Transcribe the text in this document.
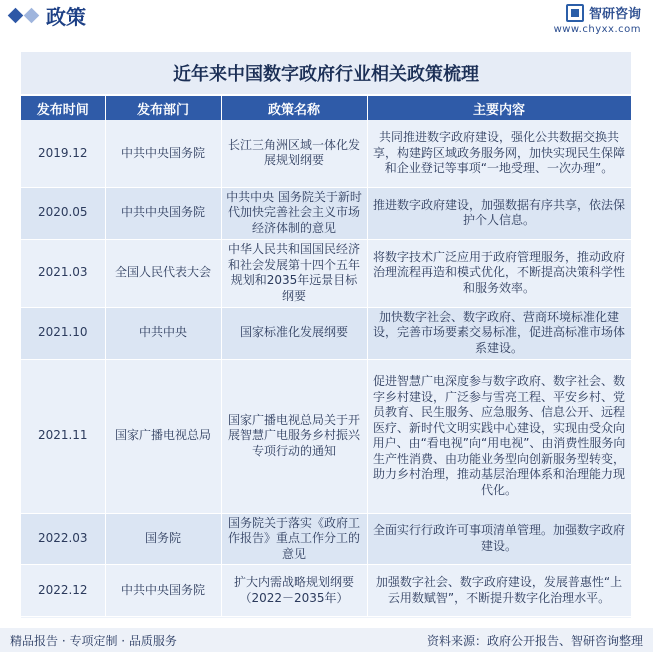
政策	智研咨询
www.chyxx.com
近年来中国数字政府行业相关政策梳理
发布时间	发布部门	政策名称	主要内容
2019.12	中共中央国务院	长江三角洲区域一体化发展规划纲要	共同推进数字政府建设，强化公共数据交换共享，构建跨区域政务服务网，加快实现民生保障和企业登记等事项“一地受理、一次办理”。
2020.05	中共中央国务院	中共中央 国务院关于新时代加快完善社会主义市场经济体制的意见	推进数字政府建设，加强数据有序共享，依法保护个人信息。
2021.03	全国人民代表大会	中华人民共和国国民经济和社会发展第十四个五年规划和2035年远景目标纲要	将数字技术广泛应用于政府管理服务，推动政府治理流程再造和模式优化，不断提高决策科学性和服务效率。
2021.10	中共中央	国家标准化发展纲要	加快数字社会、数字政府、营商环境标准化建设，完善市场要素交易标准，促进高标准市场体系建设。
2021.11	国家广播电视总局	国家广播电视总局关于开展智慧广电服务乡村振兴专项行动的通知	促进智慧广电深度参与数字政府、数字社会、数字乡村建设，广泛参与雪亮工程、平安乡村、党员教育、民生服务、应急服务、信息公开、远程医疗、新时代文明实践中心建设，实现由受众向用户、由“看电视”向“用电视”、由消费性服务向生产性消费、由功能业务型向创新服务型转变，助力乡村治理，推动基层治理体系和治理能力现代化。
2022.03	国务院	国务院关于落实《政府工作报告》重点工作分工的意见	全面实行行政许可事项清单管理。加强数字政府建设。
2022.12	中共中央国务院	扩大内需战略规划纲要（2022－2035年）	加强数字社会、数字政府建设，发展普惠性“上云用数赋智”，不断提升数字化治理水平。
精品报告 · 专项定制 · 品质服务	资料来源：政府公开报告、智研咨询整理
